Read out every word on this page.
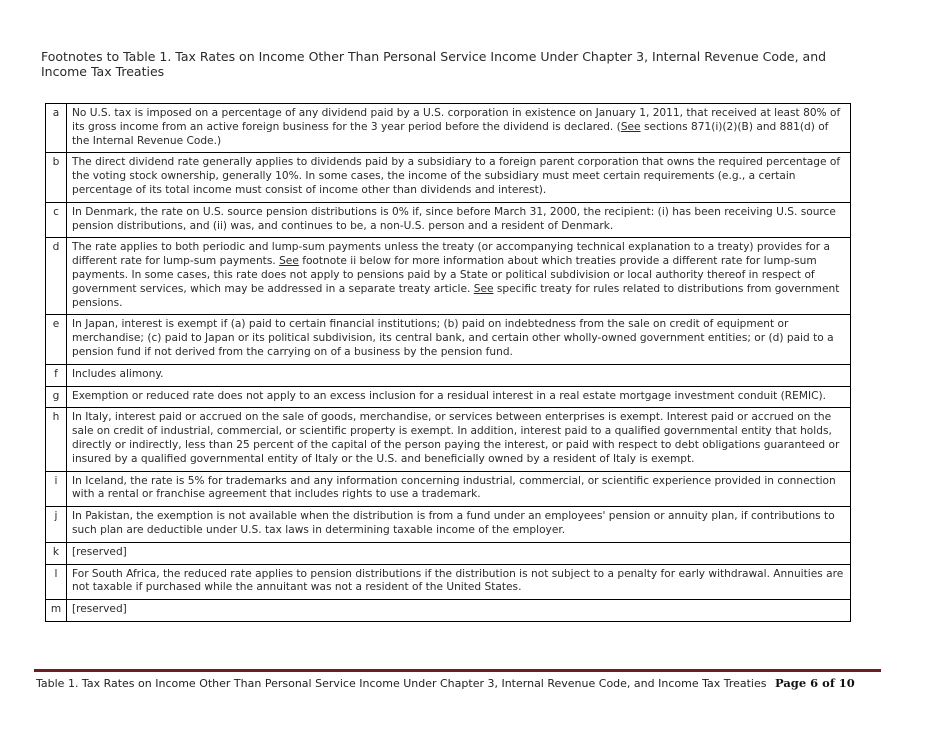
Footnotes to Table 1. Tax Rates on Income Other Than Personal Service Income Under Chapter 3, Internal Revenue Code, and Income Tax Treaties
a	No U.S. tax is imposed on a percentage of any dividend paid by a U.S. corporation in existence on January 1, 2011, that received at least 80% of its gross income from an active foreign business for the 3 year period before the dividend is declared. (See sections 871(i)(2)(B) and 881(d) of the Internal Revenue Code.)
b	The direct dividend rate generally applies to dividends paid by a subsidiary to a foreign parent corporation that owns the required percentage of the voting stock ownership, generally 10%. In some cases, the income of the subsidiary must meet certain requirements (e.g., a certain percentage of its total income must consist of income other than dividends and interest).
c	In Denmark, the rate on U.S. source pension distributions is 0% if, since before March 31, 2000, the recipient: (i) has been receiving U.S. source pension distributions, and (ii) was, and continues to be, a non-U.S. person and a resident of Denmark.
d	The rate applies to both periodic and lump-sum payments unless the treaty (or accompanying technical explanation to a treaty) provides for a different rate for lump-sum payments. See footnote ii below for more information about which treaties provide a different rate for lump-sum payments. In some cases, this rate does not apply to pensions paid by a State or political subdivision or local authority thereof in respect of government services, which may be addressed in a separate treaty article. See specific treaty for rules related to distributions from government pensions.
e	In Japan, interest is exempt if (a) paid to certain financial institutions; (b) paid on indebtedness from the sale on credit of equipment or merchandise; (c) paid to Japan or its political subdivision, its central bank, and certain other wholly-owned government entities; or (d) paid to a pension fund if not derived from the carrying on of a business by the pension fund.
f	Includes alimony.
g	Exemption or reduced rate does not apply to an excess inclusion for a residual interest in a real estate mortgage investment conduit (REMIC).
h	In Italy, interest paid or accrued on the sale of goods, merchandise, or services between enterprises is exempt. Interest paid or accrued on the sale on credit of industrial, commercial, or scientific property is exempt. In addition, interest paid to a qualified governmental entity that holds, directly or indirectly, less than 25 percent of the capital of the person paying the interest, or paid with respect to debt obligations guaranteed or insured by a qualified governmental entity of Italy or the U.S. and beneficially owned by a resident of Italy is exempt.
i	In Iceland, the rate is 5% for trademarks and any information concerning industrial, commercial, or scientific experience provided in connection with a rental or franchise agreement that includes rights to use a trademark.
j	In Pakistan, the exemption is not available when the distribution is from a fund under an employees' pension or annuity plan, if contributions to such plan are deductible under U.S. tax laws in determining taxable income of the employer.
k	[reserved]
l	For South Africa, the reduced rate applies to pension distributions if the distribution is not subject to a penalty for early withdrawal. Annuities are not taxable if purchased while the annuitant was not a resident of the United States.
m	[reserved]
Table 1. Tax Rates on Income Other Than Personal Service Income Under Chapter 3, Internal Revenue Code, and Income Tax Treaties Page 6 of 10
